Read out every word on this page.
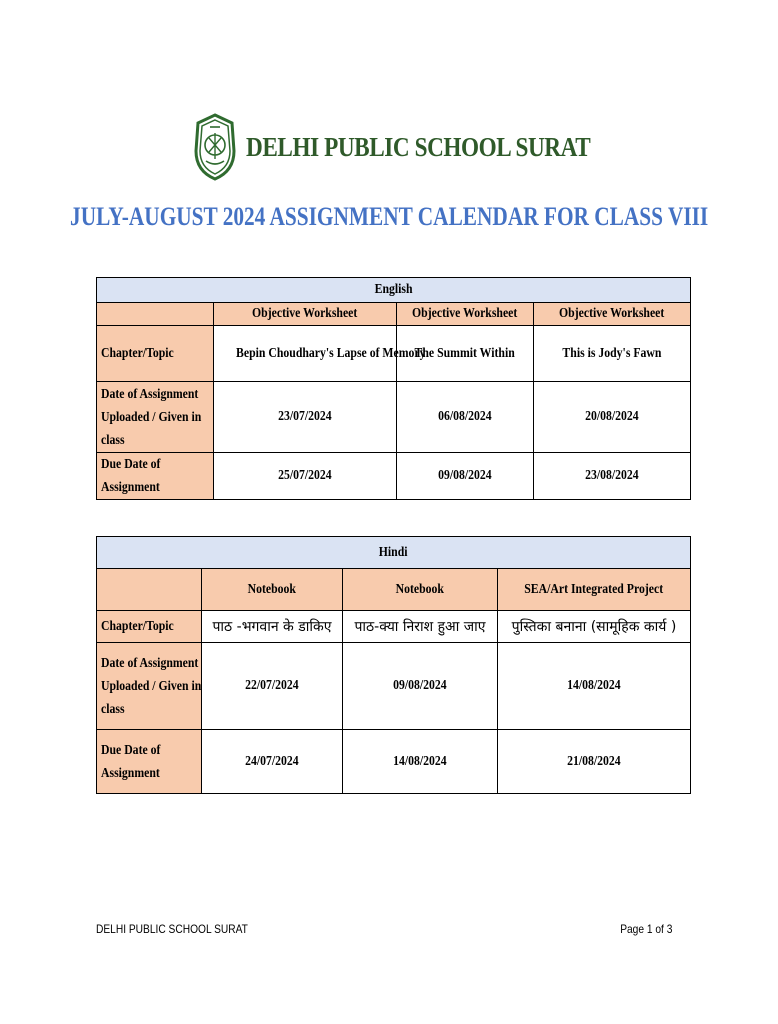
DELHI PUBLIC SCHOOL SURAT
JULY-AUGUST 2024 ASSIGNMENT CALENDAR FOR CLASS VIII
English			
	Objective Worksheet	Objective Worksheet	Objective Worksheet
Chapter/Topic	Bepin Choudhary's Lapse of Memory	The Summit Within	This is Jody's Fawn
Date of Assignment Uploaded / Given in class	23/07/2024	06/08/2024	20/08/2024
Due Date of Assignment	25/07/2024	09/08/2024	23/08/2024
Hindi			
	Notebook	Notebook	SEA/Art Integrated Project
Chapter/Topic	पाठ -भगवान के डाकिए	पाठ-क्या निराश हुआ जाए	पुस्तिका बनाना (सामूहिक कार्य )
Date of Assignment Uploaded / Given in class	22/07/2024	09/08/2024	14/08/2024
Due Date of Assignment	24/07/2024	14/08/2024	21/08/2024
DELHI PUBLIC SCHOOL SURAT	Page 1 of 3
